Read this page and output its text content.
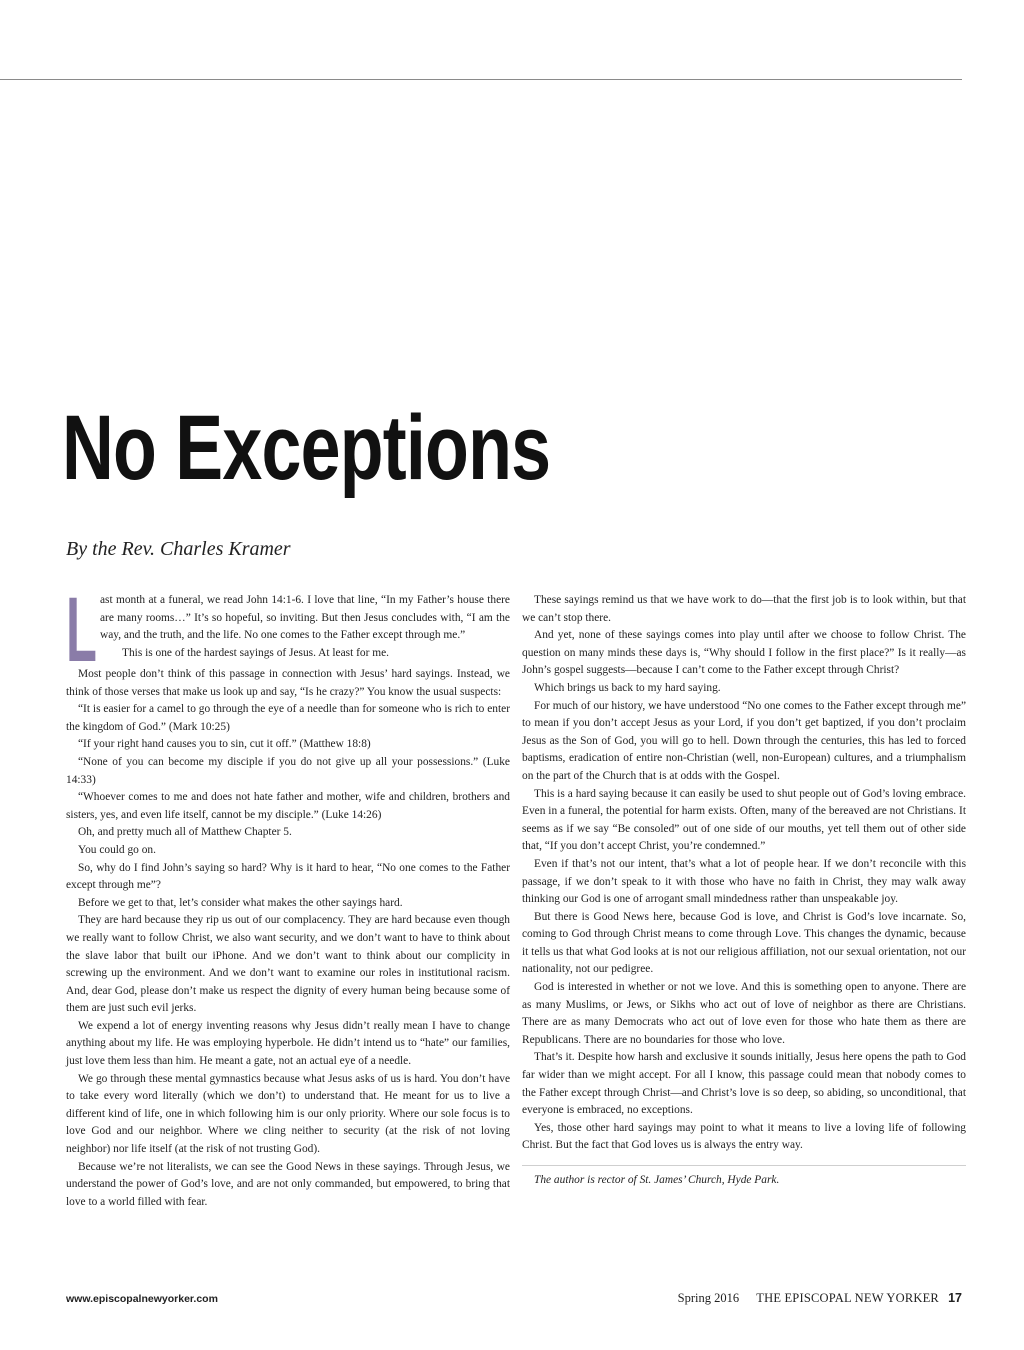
No Exceptions

By the Rev. Charles Kramer

Last month at a funeral, we read John 14:1-6. I love that line, “In my Father’s house there are many rooms…” It’s so hopeful, so inviting. But then Jesus concludes with, “I am the way, and the truth, and the life. No one comes to the Father except through me.”

This is one of the hardest sayings of Jesus. At least for me.

Most people don’t think of this passage in connection with Jesus’ hard sayings. Instead, we think of those verses that make us look up and say, “Is he crazy?” You know the usual suspects:

“It is easier for a camel to go through the eye of a needle than for someone who is rich to enter the kingdom of God.” (Mark 10:25)

“If your right hand causes you to sin, cut it off.” (Matthew 18:8)

“None of you can become my disciple if you do not give up all your possessions.” (Luke 14:33)

“Whoever comes to me and does not hate father and mother, wife and children, brothers and sisters, yes, and even life itself, cannot be my disciple.” (Luke 14:26)

Oh, and pretty much all of Matthew Chapter 5.

You could go on.

So, why do I find John’s saying so hard? Why is it hard to hear, “No one comes to the Father except through me”?

Before we get to that, let’s consider what makes the other sayings hard.

They are hard because they rip us out of our complacency. They are hard because even though we really want to follow Christ, we also want security, and we don’t want to have to think about the slave labor that built our iPhone. And we don’t want to think about our complicity in screwing up the environment. And we don’t want to examine our roles in institutional racism. And, dear God, please don’t make us respect the dignity of every human being because some of them are just such evil jerks.

We expend a lot of energy inventing reasons why Jesus didn’t really mean I have to change anything about my life. He was employing hyperbole. He didn’t intend us to “hate” our families, just love them less than him. He meant a gate, not an actual eye of a needle.

We go through these mental gymnastics because what Jesus asks of us is hard. You don’t have to take every word literally (which we don’t) to understand that. He meant for us to live a different kind of life, one in which following him is our only priority. Where our sole focus is to love God and our neighbor. Where we cling neither to security (at the risk of not loving neighbor) nor life itself (at the risk of not trusting God).

Because we’re not literalists, we can see the Good News in these sayings. Through Jesus, we understand the power of God’s love, and are not only commanded, but empowered, to bring that love to a world filled with fear.

These sayings remind us that we have work to do—that the first job is to look within, but that we can’t stop there.

And yet, none of these sayings comes into play until after we choose to follow Christ. The question on many minds these days is, “Why should I follow in the first place?” Is it really—as John’s gospel suggests—because I can’t come to the Father except through Christ?

Which brings us back to my hard saying.

For much of our history, we have understood “No one comes to the Father except through me” to mean if you don’t accept Jesus as your Lord, if you don’t get baptized, if you don’t proclaim Jesus as the Son of God, you will go to hell. Down through the centuries, this has led to forced baptisms, eradication of entire non-Christian (well, non-European) cultures, and a triumphalism on the part of the Church that is at odds with the Gospel.

This is a hard saying because it can easily be used to shut people out of God’s loving embrace. Even in a funeral, the potential for harm exists. Often, many of the bereaved are not Christians. It seems as if we say “Be consoled” out of one side of our mouths, yet tell them out of other side that, “If you don’t accept Christ, you’re condemned.”

Even if that’s not our intent, that’s what a lot of people hear. If we don’t reconcile with this passage, if we don’t speak to it with those who have no faith in Christ, they may walk away thinking our God is one of arrogant small mindedness rather than unspeakable joy.

But there is Good News here, because God is love, and Christ is God’s love incarnate. So, coming to God through Christ means to come through Love. This changes the dynamic, because it tells us that what God looks at is not our religious affiliation, not our sexual orientation, not our nationality, not our pedigree.

God is interested in whether or not we love. And this is something open to anyone. There are as many Muslims, or Jews, or Sikhs who act out of love of neighbor as there are Christians. There are as many Democrats who act out of love even for those who hate them as there are Republicans. There are no boundaries for those who love.

That’s it. Despite how harsh and exclusive it sounds initially, Jesus here opens the path to God far wider than we might accept. For all I know, this passage could mean that nobody comes to the Father except through Christ—and Christ’s love is so deep, so abiding, so unconditional, that everyone is embraced, no exceptions.

Yes, those other hard sayings may point to what it means to live a loving life of following Christ. But the fact that God loves us is always the entry way.

The author is rector of St. James’ Church, Hyde Park.

www.episcopalnewyorker.com	Spring 2016 THE EPISCOPAL NEW YORKER 17
